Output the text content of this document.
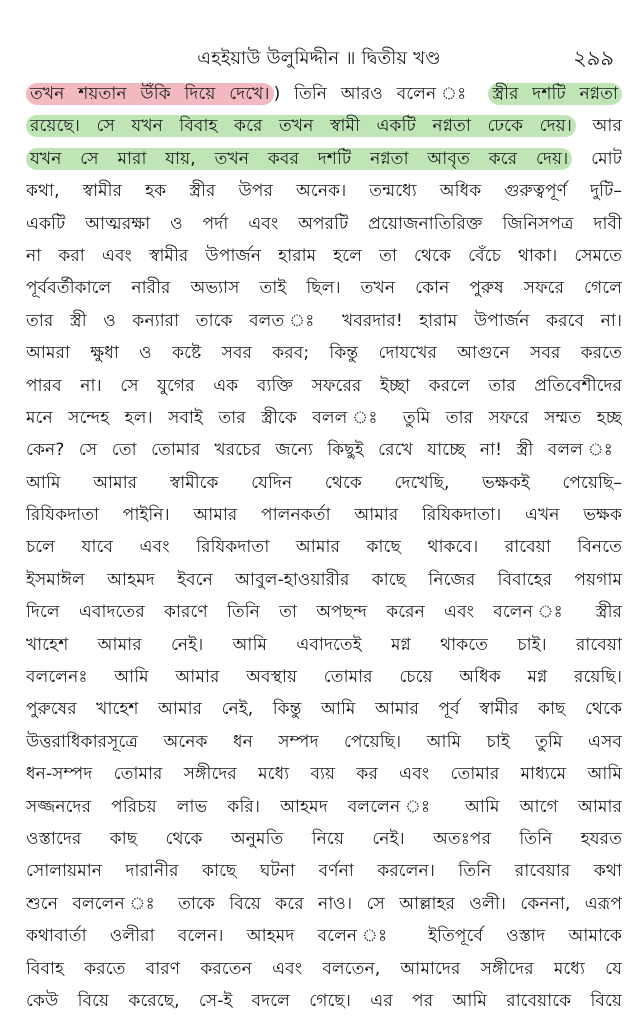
এহইয়াউ উলুমিদ্দীন ॥ দ্বিতীয় খণ্ড	২৯৯
তখন শয়তান উঁকি দিয়ে দেখে। ) তিনি আরও বলেন ঃ স্ত্রীর দশটি নগ্নতা
রয়েছে। সে যখন বিবাহ করে তখন স্বামী একটি নগ্নতা ঢেকে দেয়। আর
যখন সে মারা যায়, তখন কবর দশটি নগ্নতা আবৃত করে দেয়। মোট
কথা, স্বামীর হক স্ত্রীর উপর অনেক। তন্মধ্যে অধিক গুরুত্বপূর্ণ দুটি–
একটি আত্মরক্ষা ও পর্দা এবং অপরটি প্রয়োজনাতিরিক্ত জিনিসপত্র দাবী
না করা এবং স্বামীর উপার্জন হারাম হলে তা থেকে বেঁচে থাকা। সেমতে
পূর্ববর্তীকালে নারীর অভ্যাস তাই ছিল। তখন কোন পুরুষ সফরে গেলে
তার স্ত্রী ও কন্যারা তাকে বলত ঃ খবরদার! হারাম উপার্জন করবে না।
আমরা ক্ষুধা ও কষ্টে সবর করব; কিন্তু দোযখের আগুনে সবর করতে
পারব না। সে যুগের এক ব্যক্তি সফরের ইচ্ছা করলে তার প্রতিবেশীদের
মনে সন্দেহ হল। সবাই তার স্ত্রীকে বলল ঃ তুমি তার সফরে সম্মত হচ্ছ
কেন? সে তো তোমার খরচের জন্যে কিছুই রেখে যাচ্ছে না! স্ত্রী বলল ঃ
আমি আমার স্বামীকে যেদিন থেকে দেখেছি, ভক্ষকই পেয়েছি–
রিযিকদাতা পাইনি। আমার পালনকর্তা আমার রিযিকদাতা। এখন ভক্ষক
চলে যাবে এবং রিযিকদাতা আমার কাছে থাকবে। রাবেয়া বিনতে
ইসমাঈল আহমদ ইবনে আবুল-হাওয়ারীর কাছে নিজের বিবাহের পয়গাম
দিলে এবাদতের কারণে তিনি তা অপছন্দ করেন এবং বলেন ঃ স্ত্রীর
খাহেশ আমার নেই। আমি এবাদতেই মগ্ন থাকতে চাই। রাবেয়া
বললেনঃ আমি আমার অবস্থায় তোমার চেয়ে অধিক মগ্ন রয়েছি।
পুরুষের খাহেশ আমার নেই, কিন্তু আমি আমার পূর্ব স্বামীর কাছ থেকে
উত্তরাধিকারসূত্রে অনেক ধন সম্পদ পেয়েছি। আমি চাই তুমি এসব
ধন-সম্পদ তোমার সঙ্গীদের মধ্যে ব্যয় কর এবং তোমার মাধ্যমে আমি
সজ্জনদের পরিচয় লাভ করি। আহমদ বললেন ঃ আমি আগে আমার
ওস্তাদের কাছ থেকে অনুমতি নিয়ে নেই। অতঃপর তিনি হযরত
সোলায়মান দারানীর কাছে ঘটনা বর্ণনা করলেন। তিনি রাবেয়ার কথা
শুনে বললেন ঃ তাকে বিয়ে করে নাও। সে আল্লাহর ওলী। কেননা, এরূপ
কথাবার্তা ওলীরা বলেন। আহমদ বলেন ঃ ইতিপূর্বে ওস্তাদ আমাকে
বিবাহ করতে বারণ করতেন এবং বলতেন, আমাদের সঙ্গীদের মধ্যে যে
কেউ বিয়ে করেছে, সে-ই বদলে গেছে। এর পর আমি রাবেয়াকে বিয়ে
